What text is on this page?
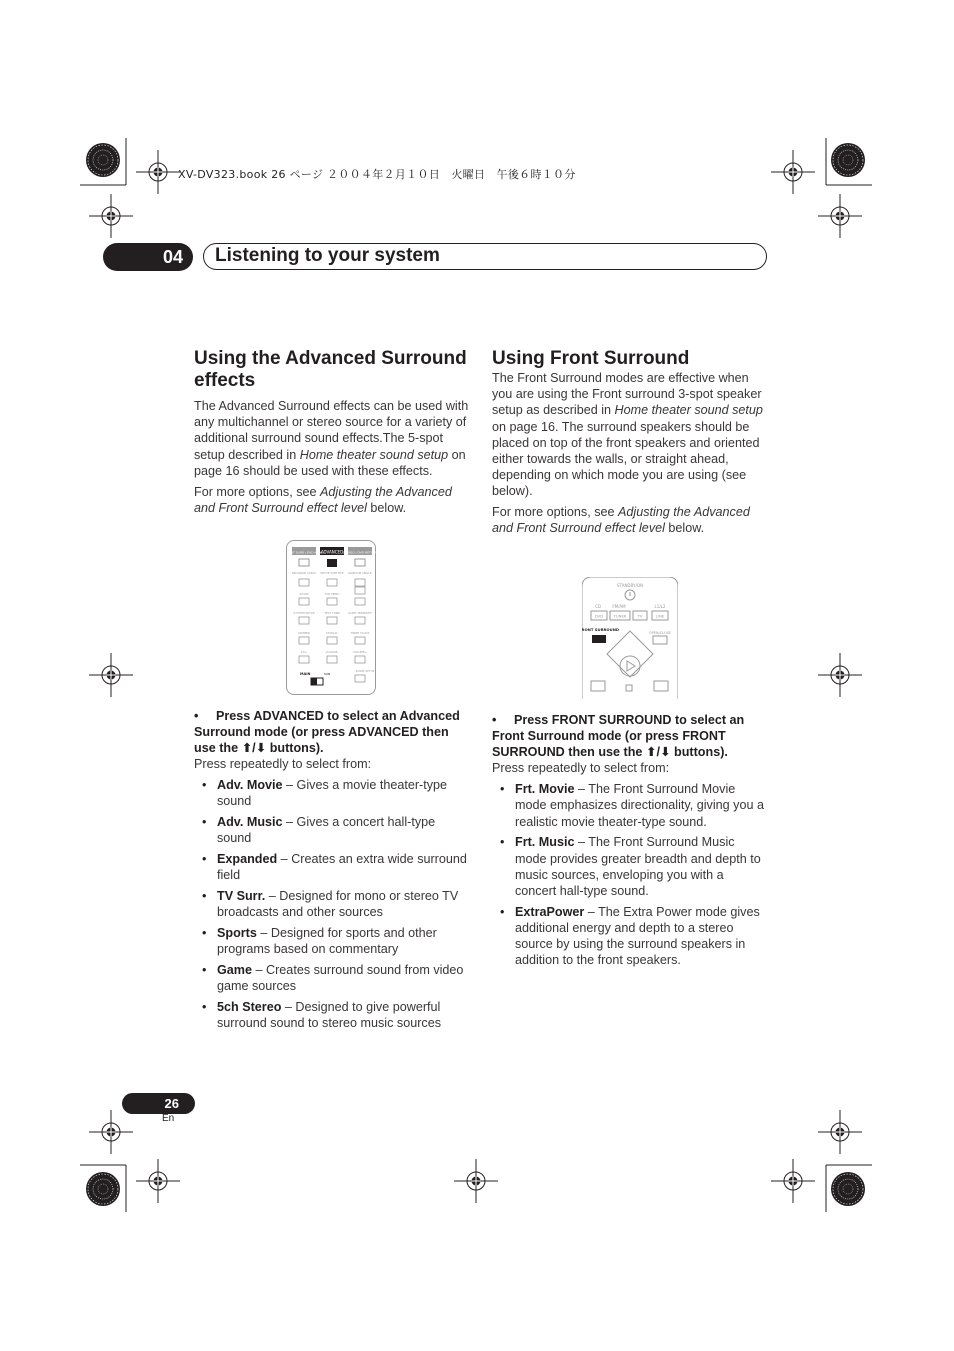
XV-DV323.book 26 ページ ２００４年２月１０日　火曜日　午後６時１０分
04	Listening to your system
Using the Advanced Surround effects

The Advanced Surround effects can be used with any multichannel or stereo source for a variety of additional surround sound effects.The 5-spot setup described in Home theater sound setup on page 16 should be used with these effects.

For more options, see Adjusting the Advanced and Front Surround effect level below.

ADVANCED
FRONT SURR / DVD MENU	STEREO / DVD RETURN
PROGRAM AUDIO SETUP SUBTITLE RANDOM ANGLE
ZOOM	TOP MENU
SYSTEM SETUP	TEST TONE	QUIET MIDNIGHT
DIMMER	DISPLAY	TIMER CLOCK
CH+	VOLUME-	VOLUME+
ROOM SETUP
MAIN	SUB
• Press ADVANCED to select an Advanced Surround mode (or press ADVANCED then use the ⬆/⬇ buttons).

Press repeatedly to select from:

• Adv. Movie – Gives a movie theater-type sound
• Adv. Music – Gives a concert hall-type sound
• Expanded – Creates an extra wide surround field
• TV Surr. – Designed for mono or stereo TV broadcasts and other sources
• Sports – Designed for sports and other programs based on commentary
• Game – Creates surround sound from video game sources
• 5ch Stereo – Designed to give powerful surround sound to stereo music sources
Using Front Surround

The Front Surround modes are effective when you are using the Front surround 3-spot speaker setup as described in Home theater sound setup on page 16. The surround speakers should be placed on top of the front speakers and oriented either towards the walls, or straight ahead, depending on which mode you are using (see below).

For more options, see Adjusting the Advanced and Front Surround effect level below.

STANDBY/ON
CD	FM/AM	L1/L2
DVD	TUNER	TV	LINE
FRONT SURROUND
OPEN/CLOSE
• Press FRONT SURROUND to select an Front Surround mode (or press FRONT SURROUND then use the ⬆/⬇ buttons).

Press repeatedly to select from:

• Frt. Movie – The Front Surround Movie mode emphasizes directionality, giving you a realistic movie theater-type sound.
• Frt. Music – The Front Surround Music mode provides greater breadth and depth to music sources, enveloping you with a concert hall-type sound.
• ExtraPower – The Extra Power mode gives additional energy and depth to a stereo source by using the surround speakers in addition to the front speakers.
26
En
